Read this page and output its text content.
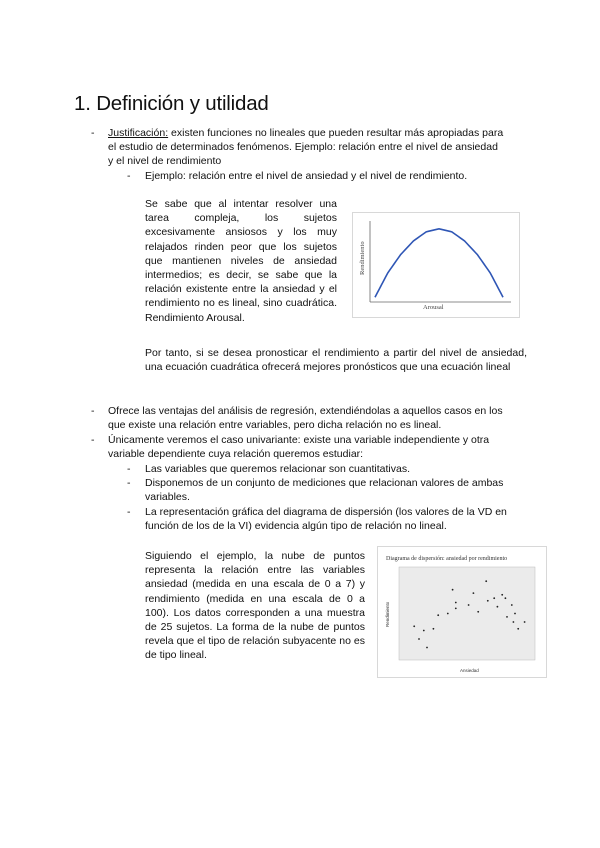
1. Definición y utilidad
- Justificación: existen funciones no lineales que pueden resultar más apropiadas para
el estudio de determinados fenómenos. Ejemplo: relación entre el nivel de ansiedad
y el nivel de rendimiento
- Ejemplo: relación entre el nivel de ansiedad y el nivel de rendimiento.
Se sabe que al intentar resolver una tarea compleja, los sujetos excesivamente ansiosos y los muy relajados rinden peor que los sujetos que mantienen niveles de ansiedad intermedios; es decir, se sabe que la relación existente entre la ansiedad y el rendimiento no es lineal, sino cuadrática. Rendimiento Arousal.
Rendimiento
Arousal
Por tanto, si se desea pronosticar el rendimiento a partir del nivel de ansiedad, una ecuación cuadrática ofrecerá mejores pronósticos que una ecuación lineal
- Ofrece las ventajas del análisis de regresión, extendiéndolas a aquellos casos en los
que existe una relación entre variables, pero dicha relación no es lineal.
- Únicamente veremos el caso univariante: existe una variable independiente y otra
variable dependiente cuya relación queremos estudiar:
- Las variables que queremos relacionar son cuantitativas.
- Disponemos de un conjunto de mediciones que relacionan valores de ambas
variables.
- La representación gráfica del diagrama de dispersión (los valores de la VD en
función de los de la VI) evidencia algún tipo de relación no lineal.
Siguiendo el ejemplo, la nube de puntos representa la relación entre las variables ansiedad (medida en una escala de 0 a 7) y rendimiento (medida en una escala de 0 a 100). Los datos corresponden a una muestra de 25 sujetos. La forma de la nube de puntos revela que el tipo de relación subyacente no es de tipo lineal.
Diagrama de dispersión: ansiedad por rendimiento
Rendimiento
Ansiedad
